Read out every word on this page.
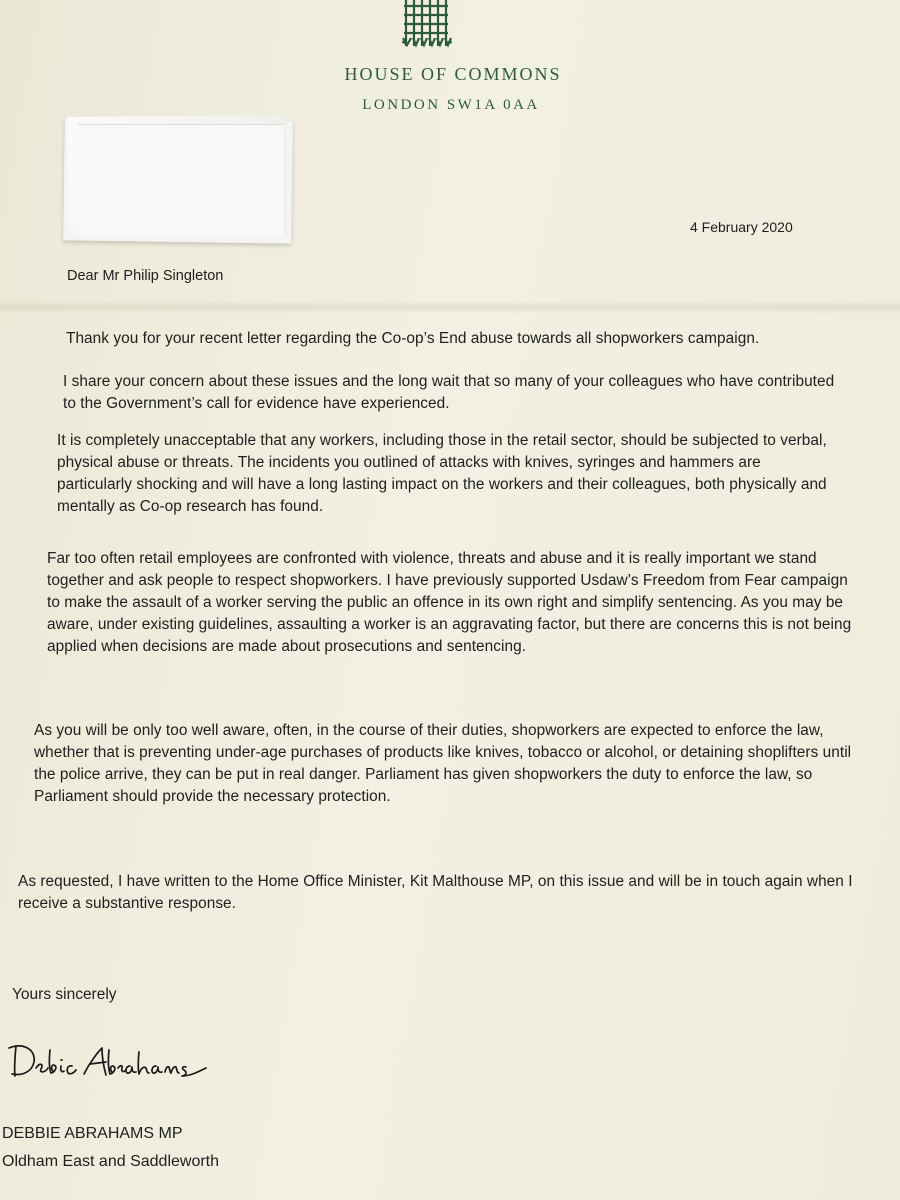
HOUSE OF COMMONS
LONDON SW1A 0AA
4 February 2020
Dear Mr Philip Singleton
Thank you for your recent letter regarding the Co-op’s End abuse towards all shopworkers campaign.
I share your concern about these issues and the long wait that so many of your colleagues who have contributed to the Government’s call for evidence have experienced.
It is completely unacceptable that any workers, including those in the retail sector, should be subjected to verbal, physical abuse or threats. The incidents you outlined of attacks with knives, syringes and hammers are particularly shocking and will have a long lasting impact on the workers and their colleagues, both physically and mentally as Co-op research has found.
Far too often retail employees are confronted with violence, threats and abuse and it is really important we stand together and ask people to respect shopworkers. I have previously supported Usdaw’s Freedom from Fear campaign to make the assault of a worker serving the public an offence in its own right and simplify sentencing. As you may be aware, under existing guidelines, assaulting a worker is an aggravating factor, but there are concerns this is not being applied when decisions are made about prosecutions and sentencing.
As you will be only too well aware, often, in the course of their duties, shopworkers are expected to enforce the law, whether that is preventing under-age purchases of products like knives, tobacco or alcohol, or detaining shoplifters until the police arrive, they can be put in real danger. Parliament has given shopworkers the duty to enforce the law, so Parliament should provide the necessary protection.
As requested, I have written to the Home Office Minister, Kit Malthouse MP, on this issue and will be in touch again when I receive a substantive response.
Yours sincerely
DEBBIE ABRAHAMS MP
Oldham East and Saddleworth
